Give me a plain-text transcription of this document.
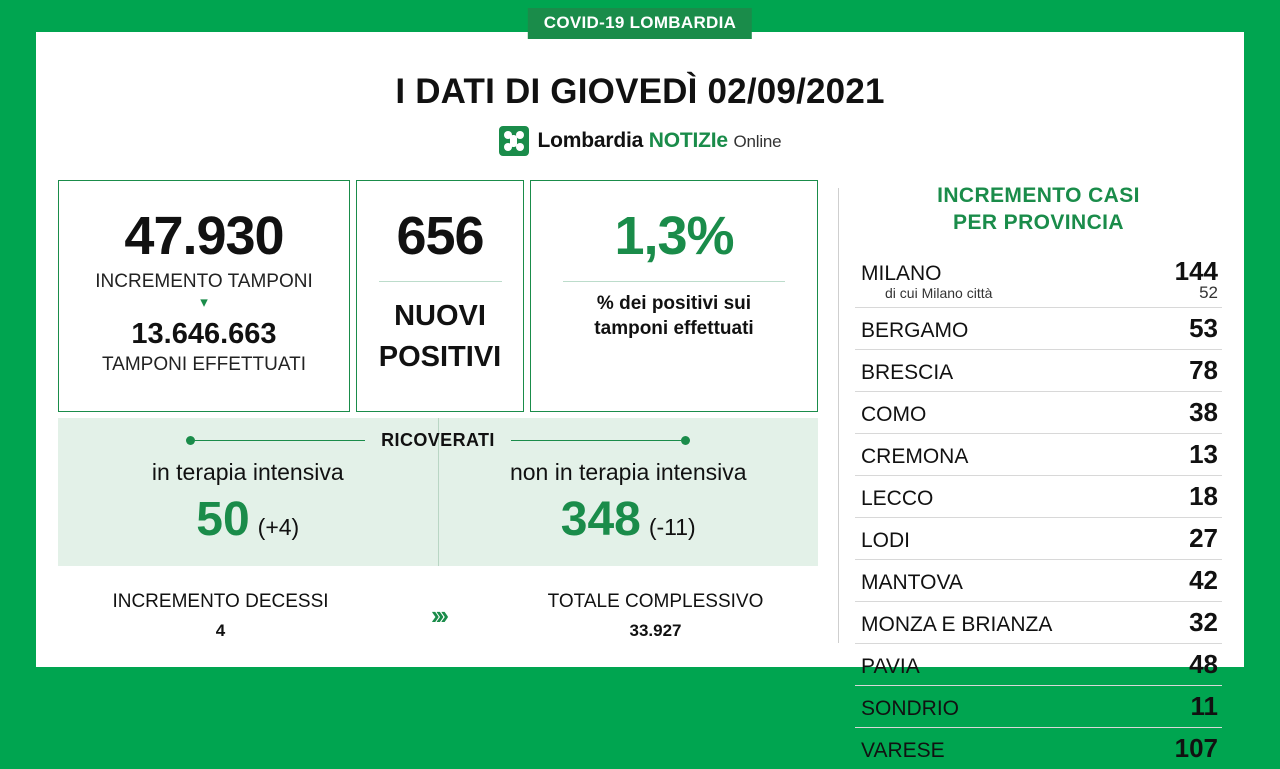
COVID-19 LOMBARDIA
I DATI DI GIOVEDÌ 02/09/2021
Lombardia NOTIZIe Online
47.930
INCREMENTO TAMPONI
▾
13.646.663
TAMPONI EFFETTUATI
656
NUOVI
POSITIVI
1,3%
% dei positivi sui
tamponi effettuati
RICOVERATI
in terapia intensiva
50 (+4)
non in terapia intensiva
348 (-11)
INCREMENTO DECESSI
4	›››	TOTALE COMPLESSIVO
33.927
INCREMENTO CASI
PER PROVINCIA
MILANO	144
di cui Milano città	52
BERGAMO	53
BRESCIA	78
COMO	38
CREMONA	13
LECCO	18
LODI	27
MANTOVA	42
MONZA E BRIANZA	32
PAVIA	48
SONDRIO	11
VARESE	107
